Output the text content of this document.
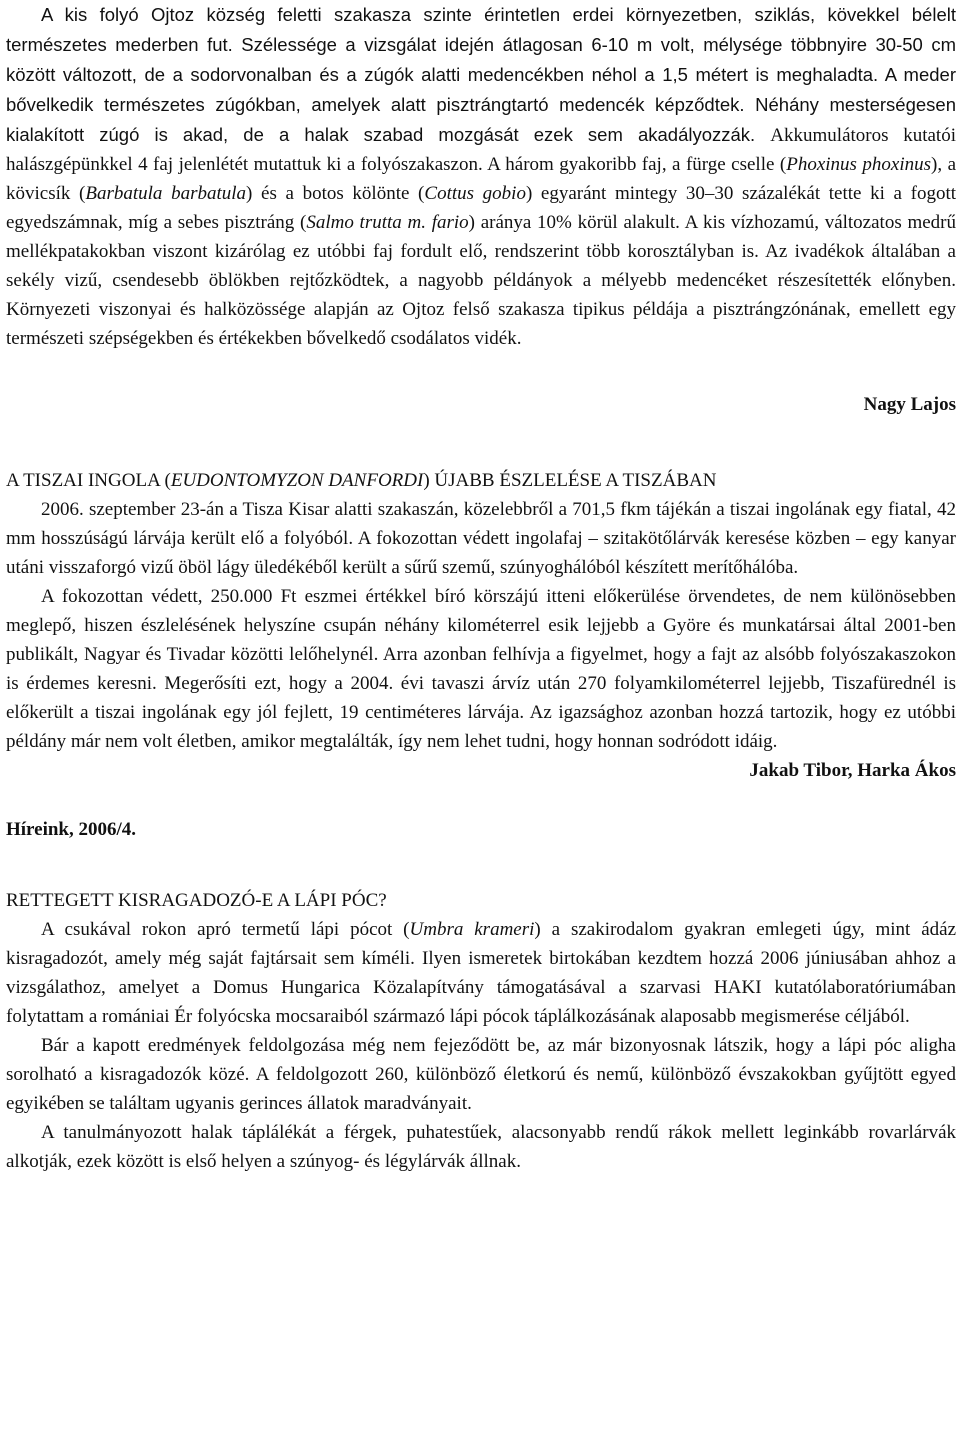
A kis folyó Ojtoz község feletti szakasza szinte érintetlen erdei környezetben, sziklás, kövekkel bélelt természetes mederben fut. Szélessége a vizsgálat idején átlagosan 6-10 m volt, mélysége többnyire 30-50 cm között változott, de a sodorvonalban és a zúgók alatti medencékben néhol a 1,5 métert is meghaladta. A meder bővelkedik természetes zúgókban, amelyek alatt pisztrángtartó medencék képződtek. Néhány mesterségesen kialakított zúgó is akad, de a halak szabad mozgását ezek sem akadályozzák. Akkumulátoros kutatói halászgépünkkel 4 faj jelenlétét mutattuk ki a folyószakaszon. A három gyakoribb faj, a fürge cselle (Phoxinus phoxinus), a kövicsík (Barbatula barbatula) és a botos kölönte (Cottus gobio) egyaránt mintegy 30–30 százalékát tette ki a fogott egyedszámnak, míg a sebes pisztráng (Salmo trutta m. fario) aránya 10% körül alakult. A kis vízhozamú, változatos medrű mellékpatakokban viszont kizárólag ez utóbbi faj fordult elő, rendszerint több korosztályban is. Az ivadékok általában a sekély vizű, csendesebb öblökben rejtőzködtek, a nagyobb példányok a mélyebb medencéket részesítették előnyben. Környezeti viszonyai és halközössége alapján az Ojtoz felső szakasza tipikus példája a pisztrángzónának, emellett egy természeti szépségekben és értékekben bővelkedő csodálatos vidék.

Nagy Lajos

A TISZAI INGOLA (EUDONTOMYZON DANFORDI) ÚJABB ÉSZLELÉSE A TISZÁBAN

2006. szeptember 23-án a Tisza Kisar alatti szakaszán, közelebbről a 701,5 fkm tájékán a tiszai ingolának egy fiatal, 42 mm hosszúságú lárvája került elő a folyóból. A fokozottan védett ingolafaj – szitakötőlárvák keresése közben – egy kanyar utáni visszaforgó vizű öböl lágy üledékéből került a sűrű szemű, szúnyoghálóból készített merítőhálóba.

A fokozottan védett, 250.000 Ft eszmei értékkel bíró körszájú itteni előkerülése örvendetes, de nem különösebben meglepő, hiszen észlelésének helyszíne csupán néhány kilométerrel esik lejjebb a Györe és munkatársai által 2001-ben publikált, Nagyar és Tivadar közötti lelőhelynél. Arra azonban felhívja a figyelmet, hogy a fajt az alsóbb folyószakaszokon is érdemes keresni. Megerősíti ezt, hogy a 2004. évi tavaszi árvíz után 270 folyamkilométerrel lejjebb, Tiszafürednél is előkerült a tiszai ingolának egy jól fejlett, 19 centiméteres lárvája. Az igazsághoz azonban hozzá tartozik, hogy ez utóbbi példány már nem volt életben, amikor megtalálták, így nem lehet tudni, hogy honnan sodródott idáig.

Jakab Tibor, Harka Ákos

Híreink, 2006/4.

RETTEGETT KISRAGADOZÓ-E A LÁPI PÓC?

A csukával rokon apró termetű lápi pócot (Umbra krameri) a szakirodalom gyakran emlegeti úgy, mint ádáz kisragadozót, amely még saját fajtársait sem kíméli. Ilyen ismeretek birtokában kezdtem hozzá 2006 júniusában ahhoz a vizsgálathoz, amelyet a Domus Hungarica Közalapítvány támogatásával a szarvasi HAKI kutatólaboratóriumában folytattam a romániai Ér folyócska mocsaraiból származó lápi pócok táplálkozásának alaposabb megismerése céljából.

Bár a kapott eredmények feldolgozása még nem fejeződött be, az már bizonyosnak látszik, hogy a lápi póc aligha sorolható a kisragadozók közé. A feldolgozott 260, különböző életkorú és nemű, különböző évszakokban gyűjtött egyed egyikében se találtam ugyanis gerinces állatok maradványait.

A tanulmányozott halak táplálékát a férgek, puhatestűek, alacsonyabb rendű rákok mellett leginkább rovarlárvák alkotják, ezek között is első helyen a szúnyog- és légylárvák állnak.
